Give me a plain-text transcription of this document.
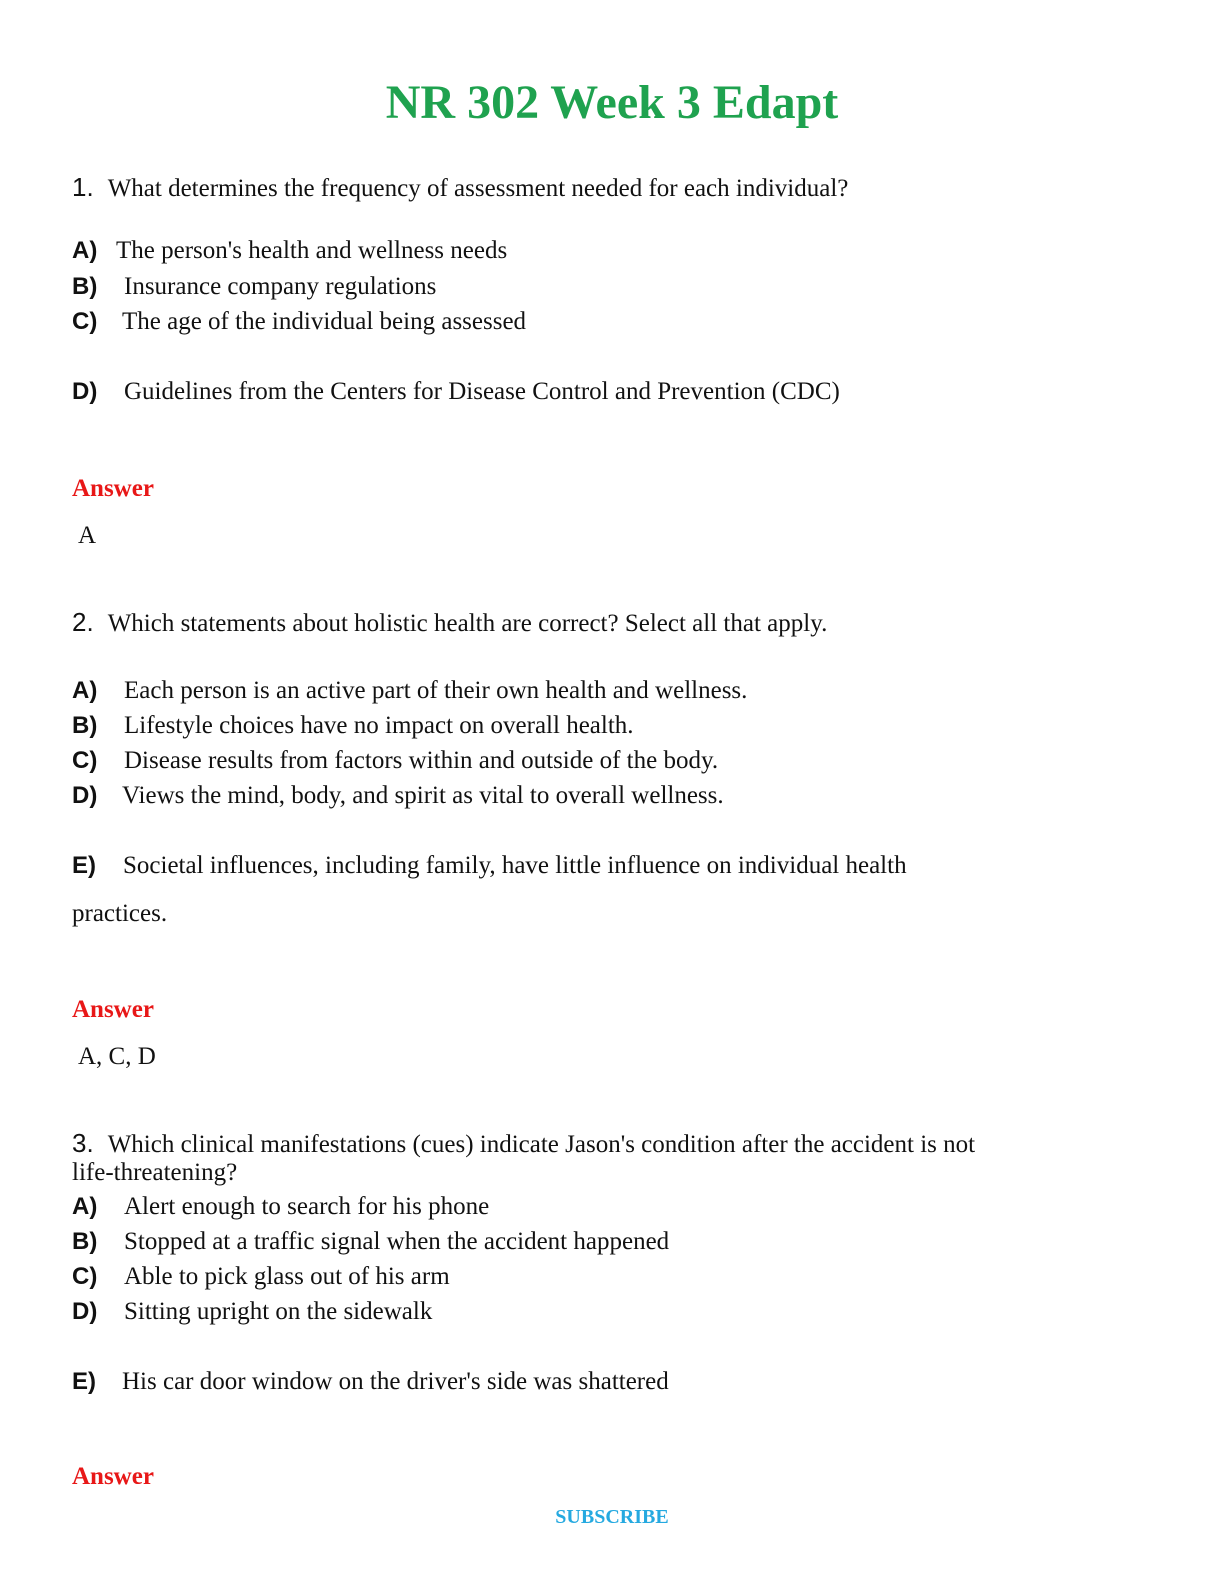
NR 302 Week 3 Edapt
1. What determines the frequency of assessment needed for each individual?
A) The person's health and wellness needs
B) Insurance company regulations
C) The age of the individual being assessed
D) Guidelines from the Centers for Disease Control and Prevention (CDC)
Answer
A
2. Which statements about holistic health are correct? Select all that apply.
A) Each person is an active part of their own health and wellness.
B) Lifestyle choices have no impact on overall health.
C) Disease results from factors within and outside of the body.
D) Views the mind, body, and spirit as vital to overall wellness.
E) Societal influences, including family, have little influence on individual health
practices.
Answer
A, C, D
3. Which clinical manifestations (cues) indicate Jason's condition after the accident is not
life-threatening?
A) Alert enough to search for his phone
B) Stopped at a traffic signal when the accident happened
C) Able to pick glass out of his arm
D) Sitting upright on the sidewalk
E) His car door window on the driver's side was shattered
Answer
SUBSCRIBE
